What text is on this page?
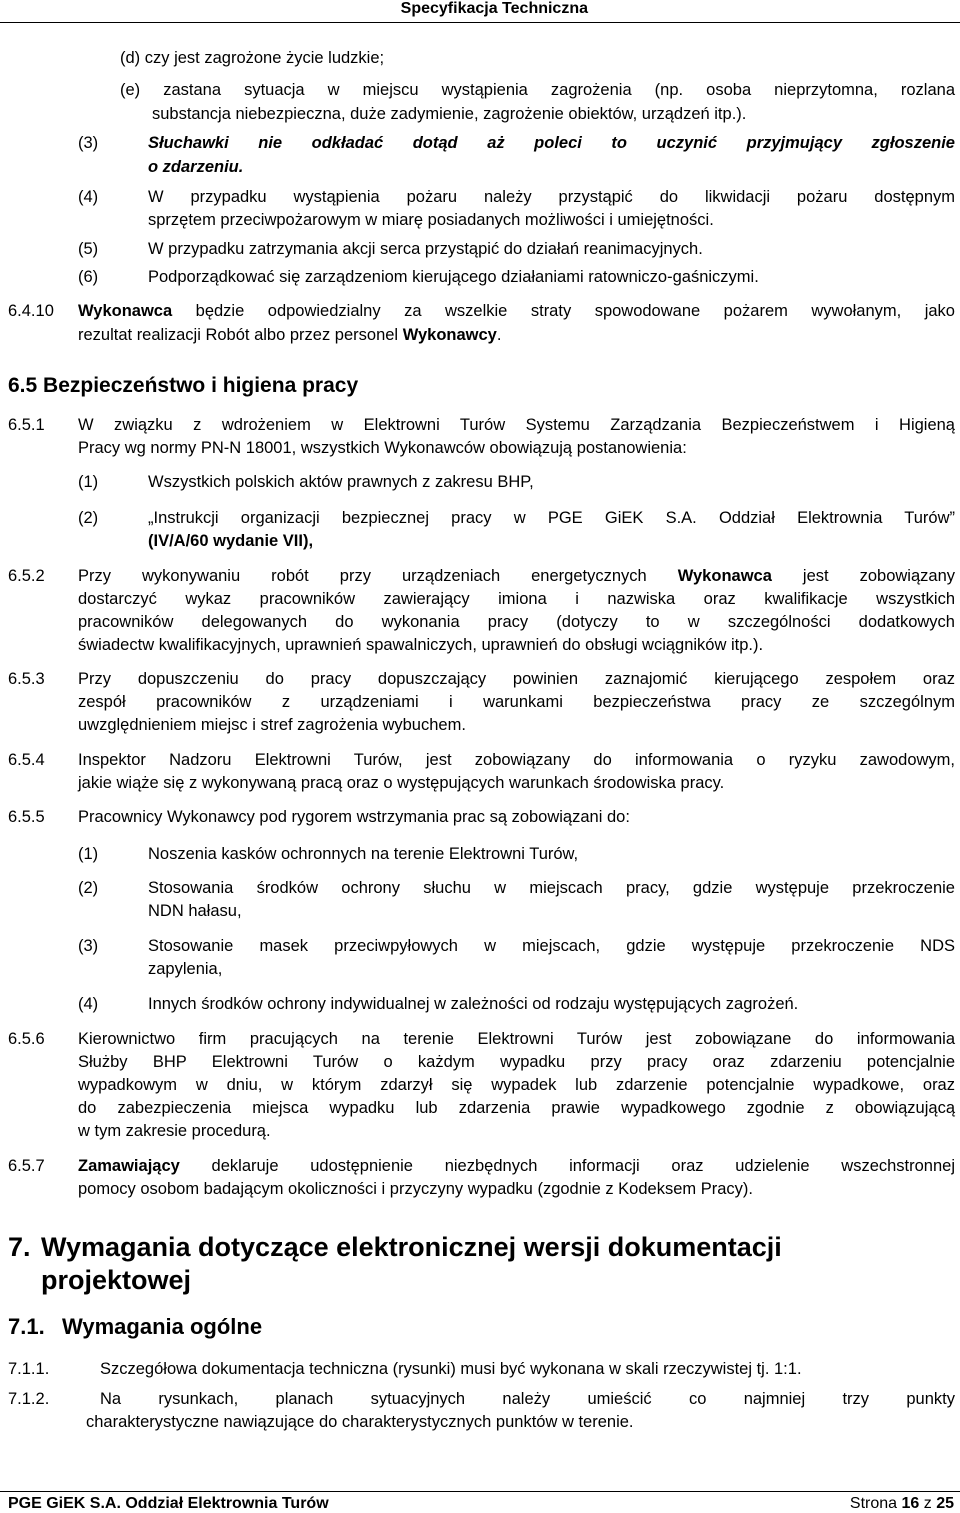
Specyfikacja Techniczna
(d) czy jest zagrożone życie ludzkie;
(e) zastana sytuacja w miejscu wystąpienia zagrożenia (np. osoba nieprzytomna, rozlana
substancja niebezpieczna, duże zadymienie, zagrożenie obiektów, urządzeń itp.).
(3)	Słuchawki nie odkładać dotąd aż poleci to uczynić przyjmujący zgłoszenie
o zdarzeniu.
(4)	W przypadku wystąpienia pożaru należy przystąpić do likwidacji pożaru dostępnym
sprzętem przeciwpożarowym w miarę posiadanych możliwości i umiejętności.
(5)	W przypadku zatrzymania akcji serca przystąpić do działań reanimacyjnych.
(6)	Podporządkować się zarządzeniom kierującego działaniami ratowniczo-gaśniczymi.
6.4.10 Wykonawca będzie odpowiedzialny za wszelkie straty spowodowane pożarem wywołanym, jako
rezultat realizacji Robót albo przez personel Wykonawcy.
6.5 Bezpieczeństwo i higiena pracy
6.5.1 W związku z wdrożeniem w Elektrowni Turów Systemu Zarządzania Bezpieczeństwem i Higieną
Pracy wg normy PN-N 18001, wszystkich Wykonawców obowiązują postanowienia:
(1)	Wszystkich polskich aktów prawnych z zakresu BHP,
(2)	„Instrukcji organizacji bezpiecznej pracy w PGE GiEK S.A. Oddział Elektrownia Turów”
(IV/A/60 wydanie VII),
6.5.2 Przy wykonywaniu robót przy urządzeniach energetycznych Wykonawca jest zobowiązany
dostarczyć wykaz pracowników zawierający imiona i nazwiska oraz kwalifikacje wszystkich
pracowników delegowanych do wykonania pracy (dotyczy to w szczególności dodatkowych
świadectw kwalifikacyjnych, uprawnień spawalniczych, uprawnień do obsługi wciągników itp.).
6.5.3 Przy dopuszczeniu do pracy dopuszczający powinien zaznajomić kierującego zespołem oraz
zespół pracowników z urządzeniami i warunkami bezpieczeństwa pracy ze szczególnym
uwzględnieniem miejsc i stref zagrożenia wybuchem.
6.5.4 Inspektor Nadzoru Elektrowni Turów, jest zobowiązany do informowania o ryzyku zawodowym,
jakie wiąże się z wykonywaną pracą oraz o występujących warunkach środowiska pracy.
6.5.5 Pracownicy Wykonawcy pod rygorem wstrzymania prac są zobowiązani do:
(1)	Noszenia kasków ochronnych na terenie Elektrowni Turów,
(2)	Stosowania środków ochrony słuchu w miejscach pracy, gdzie występuje przekroczenie
NDN hałasu,
(3)	Stosowanie masek przeciwpyłowych w miejscach, gdzie występuje przekroczenie NDS
zapylenia,
(4)	Innych środków ochrony indywidualnej w zależności od rodzaju występujących zagrożeń.
6.5.6 Kierownictwo firm pracujących na terenie Elektrowni Turów jest zobowiązane do informowania
Służby BHP Elektrowni Turów o każdym wypadku przy pracy oraz zdarzeniu potencjalnie
wypadkowym w dniu, w którym zdarzył się wypadek lub zdarzenie potencjalnie wypadkowe, oraz
do zabezpieczenia miejsca wypadku lub zdarzenia prawie wypadkowego zgodnie z obowiązującą
w tym zakresie procedurą.
6.5.7 Zamawiający deklaruje udostępnienie niezbędnych informacji oraz udzielenie wszechstronnej
pomocy osobom badającym okoliczności i przyczyny wypadku (zgodnie z Kodeksem Pracy).
7. Wymagania dotyczące elektronicznej wersji dokumentacji
projektowej
7.1. Wymagania ogólne
7.1.1.	Szczegółowa dokumentacja techniczna (rysunki) musi być wykonana w skali rzeczywistej tj. 1:1.
7.1.2.	Na rysunkach, planach sytuacyjnych należy umieścić co najmniej trzy punkty
charakterystyczne nawiązujące do charakterystycznych punktów w terenie.
PGE GiEK S.A. Oddział Elektrownia Turów	Strona 16 z 25
